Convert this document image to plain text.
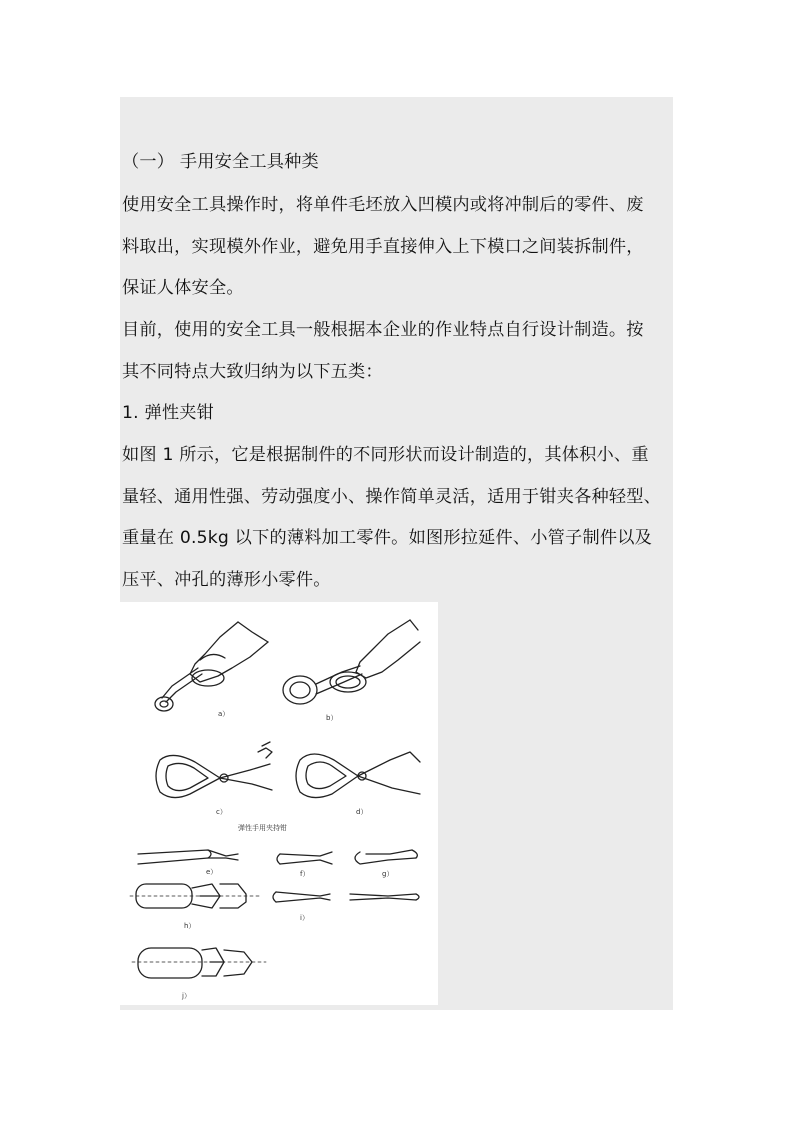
（一） 手用安全工具种类
使用安全工具操作时，将单件毛坯放入凹模内或将冲制后的零件、废
料取出，实现模外作业，避免用手直接伸入上下模口之间装拆制件，
保证人体安全。
目前，使用的安全工具一般根据本企业的作业特点自行设计制造。按
其不同特点大致归纳为以下五类：
1. 弹性夹钳
如图 1 所示，它是根据制件的不同形状而设计制造的，其体积小、重
量轻、通用性强、劳动强度小、操作简单灵活，适用于钳夹各种轻型、
重量在 0.5kg 以下的薄料加工零件。如图形拉延件、小管子制件以及
压平、冲孔的薄形小零件。
弹性手用夹持钳
a）	b）
c）	d）
e）	f）	g）
h）
i）
j）
